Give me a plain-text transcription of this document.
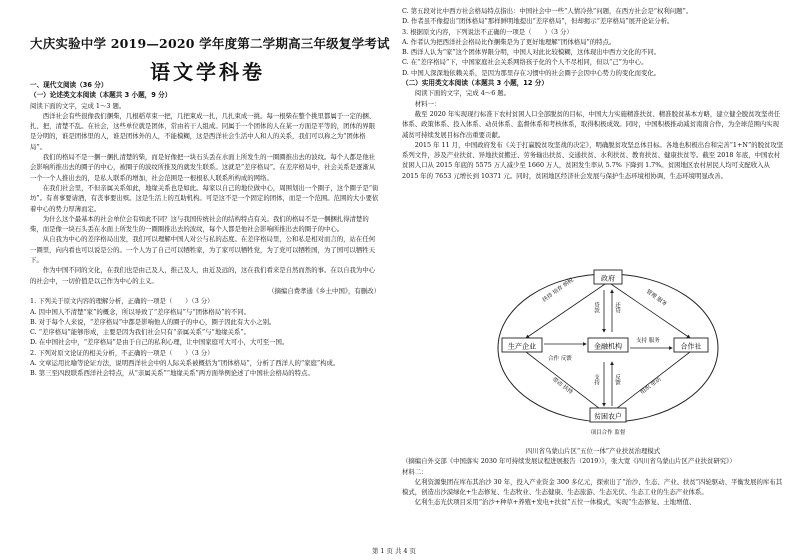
大庆实验中学 2019—2020 学年度第二学期高三年级复学考试
语文学科卷

一、现代文阅读（36 分）

（一）论述类文本阅读（本题共 3 小题，9 分）

阅读下面的文字，完成 1～3 题。

西洋社会有些很像我们捆柴，几根稻草束一把，几把束成一扎，几扎束成一挑。每一根柴在整个挑里都属于一定的捆、扎、把，清楚不乱。在社会，这些单位就是团体，常由若干人组成。同属于一个团体的人在某一方面是平等的，团体的界限是分明的，谁是团体里的人，谁是团体外的人，不能模糊，这是西洋社会生活中人和人的关系，我们可以称之为“团体格局”。

我们的格局不是一捆一捆扎清楚的柴，而是好像把一块石头丢在水面上所发生的一圈圈推出去的波纹。每个人都是他社会影响所推出去的圈子的中心，被圈子的波纹所推及的就发生联系。这就是“差序格局”。在差序格局中，社会关系是逐渐从一个一个人推出去的，是私人联系的增加，社会范围是一根根私人联系所构成的网络。

在我们社会里，不但亲属关系如此，地缘关系也是如此。每家以自己的地位做中心，周围划出一个圈子，这个圈子是“街坊”。有喜事要请酒，有丧事要出殡。这是生活上的互助机构。可是这不是一个固定的团体，而是一个范围。范围的大小要依着中心的势力厚薄而定。

为什么这个最基本的社会单位会有如此不同？这与我国传统社会的结构特点有关。我们的格局不是一捆捆扎得清楚的柴，而是像一块石头丢在水面上所发生的一圈圈推出去的波纹，每个人都是他社会影响所推出去的圈子的中心。

从自我为中心的差序格局出发，我们可以理解中国人对公与私的态度。在差序格局里，公和私是相对而言的，站在任何一圈里，向内看也可以说是公的。一个人为了自己可以牺牲家，为了家可以牺牲党，为了党可以牺牲国，为了国可以牺牲天下。

作为中国不同的文化，在我们也是由己及人，推己及人，由近及远的，这在我们看来是自然而然的事。在以自我为中心的社会中，一切价值是以己作为中心的主义。

（摘编自费孝通《乡土中国》，有删改）

1. 下列关于原文内容的理解分析，正确的一项是（　　）（3 分）

A. 因中国人不清楚“家”的概念，所以导致了“差序格局”与“团体格局”的不同。

B. 对于每个人来说，“差序格局”中都是影响他人的圈子的中心，圈子因此有大小之别。

C. “差序格局”能够形成，主要是因为我们社会只有“亲属关系”与“地缘关系”。

D. 在中国社会中，“差序格局”是由于自己的私利心理，让中国家庭可大可小，大可至一国。

2. 下列对原文论证的相关分析，不正确的一项是（　　）（3 分）

A. 文章运用比喻等论证方法，说明西洋社会中的人际关系被概括为“团体格局”，分析了西洋人的“家庭”构成。

B. 第三至四段联系西洋社会特点，从“亲属关系”“地缘关系”两方面举例论述了中国社会格局的特点。

C. 第五段对比中西方社会格局特点指出：中国社会中一些“人情冷热”问题，在西方社会是“权利问题”。

D. 作者虽不像提出“团体格局”那样鲜明地提出“差序格局”，但却揭示“差序格局”展开论证分析。

3. 根据原文内容，下列说法不正确的一项是（　　）（3 分）

A. 作者认为把西洋社会格局比作捆柴是为了更好地理解“团体格局”的特点。

B. 西洋人认为“家”这个团体界限分明，中国人对此比较模糊，这体现出中西方文化的不同。

C. 在“差序格局”下，中国家庭社会关系网络孩子化的个人不尽相同，但以“己”为中心。

D. 中国人深深地依赖关系，是因为那里存在习惯中的社会圈子会因中心势力的变化而变化。

（二）实用类文本阅读（本题共 3 小题，12 分）

阅读下面的文字，完成 4～6 题。

材料一：

截至 2020 年实现现行标准下农村贫困人口全部脱贫的目标，中国大力实施精准扶贫、精准脱贫基本方略，建立健全脱贫攻坚责任体系、政策体系、投入体系、动员体系、监督体系和考核体系，取得积极成效。同时，中国积极推动减贫南南合作，为全球范围内实现减贫可持续发展目标作出重要贡献。

2015 年 11 月，中国政府发布《关于打赢脱贫攻坚战的决定》，明确脱贫攻坚总体目标。各地也积极出台和完善“1+N”的脱贫攻坚系列文件，涉及产业扶贫、异地扶贫搬迁、劳务输出扶贫、交通扶贫、水利扶贫、教育扶贫、健康扶贫等。截至 2018 年底，中国农村贫困人口从 2015 年底的 5575 万人减少至 1660 万人，贫困发生率从 5.7% 下降到 1.7%。贫困地区农村居民人均可支配收入从 2015 年的 7653 元增长到 10371 元。同时，贫困地区经济社会发展与保护生态环境相协调，生态环境明显改善。

政府
生产企业	金融机构	合作社
贫困农户
扶持 培育 纳税	管理 服务
贷款	还贷
支持 服务
合作 反馈
支持	反馈
带动 扶持	组织 带动
项目合作 监督

四川省乌蒙山片区“五位一体”产业扶贫治理模式

（摘编自外交部《中国落实 2030 年可持续发展议程进展报告（2019）》，张大宽《四川省乌蒙山片区产业扶贫研究》）

材料二：

亿利资源集团在库布其治沙 30 年，投入产业资金 300 多亿元，探索出了“治沙、生态、产业、扶贫”四轮驱动、平衡发展的库布其模式，创造出沙漠绿化+生态修复、生态牧业、生态健康、生态旅游、生态光伏、生态工业的生态产业体系。

亿利生态光伏项目采用“治沙+种草+养殖+发电+扶贫”五位一体模式，实现“生态修复、土地增值、

第 1 页 共 4 页
